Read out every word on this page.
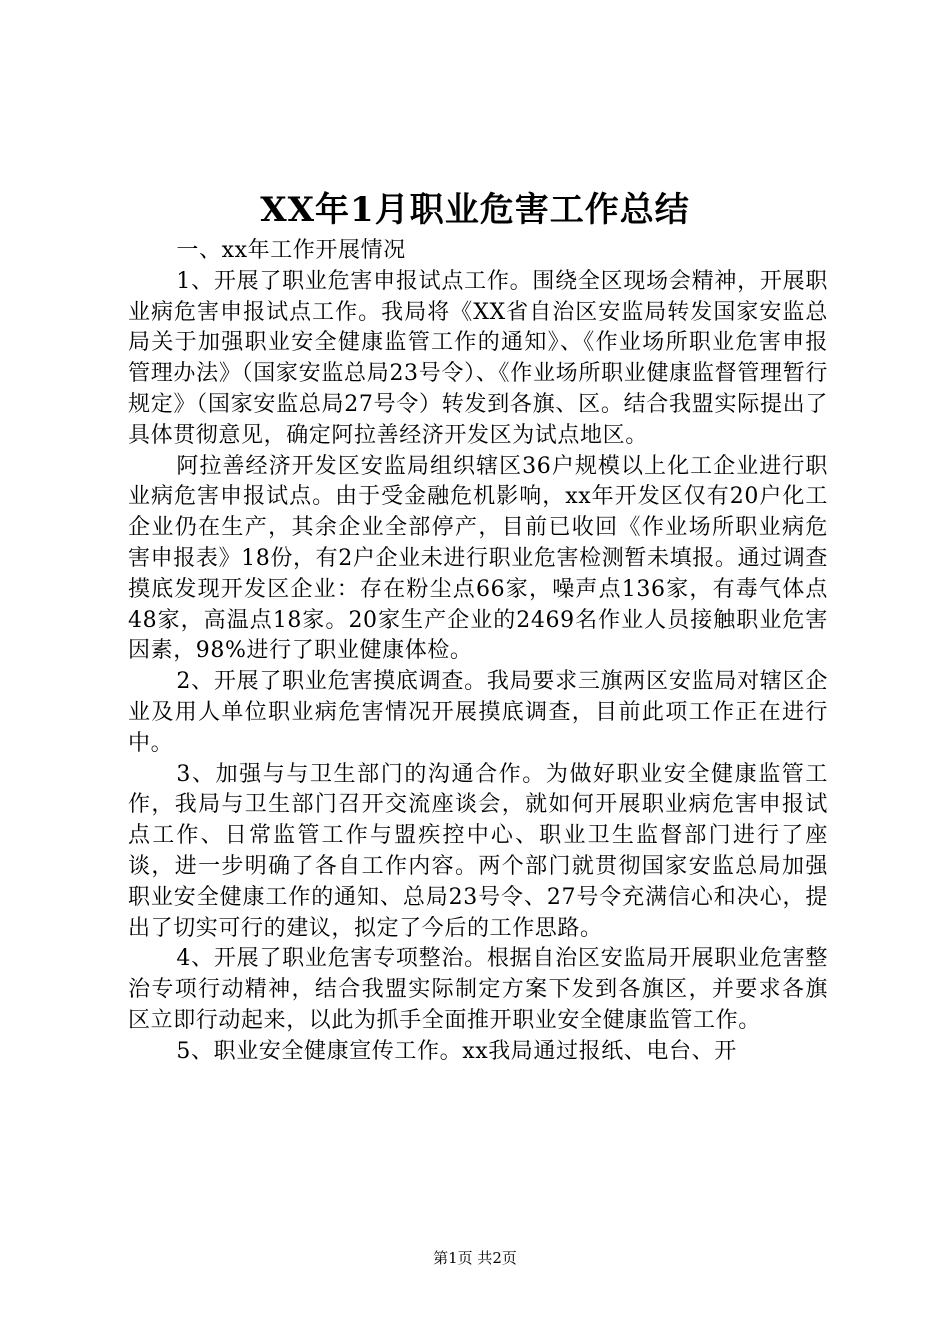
XX年1月职业危害工作总结

一、xx年工作开展情况

1、开展了职业危害申报试点工作。围绕全区现场会精神，开展职业病危害申报试点工作。我局将《XX省自治区安监局转发国家安监总局关于加强职业安全健康监管工作的通知》、《作业场所职业危害申报管理办法》（国家安监总局23号令）、《作业场所职业健康监督管理暂行规定》（国家安监总局27号令）转发到各旗、区。结合我盟实际提出了具体贯彻意见，确定阿拉善经济开发区为试点地区。

阿拉善经济开发区安监局组织辖区36户规模以上化工企业进行职业病危害申报试点。由于受金融危机影响，xx年开发区仅有20户化工企业仍在生产，其余企业全部停产，目前已收回《作业场所职业病危害申报表》18份，有2户企业未进行职业危害检测暂未填报。通过调查摸底发现开发区企业：存在粉尘点66家，噪声点136家，有毒气体点48家，高温点18家。20家生产企业的2469名作业人员接触职业危害因素，98%进行了职业健康体检。

2、开展了职业危害摸底调查。我局要求三旗两区安监局对辖区企业及用人单位职业病危害情况开展摸底调查，目前此项工作正在进行中。

3、加强与与卫生部门的沟通合作。为做好职业安全健康监管工作，我局与卫生部门召开交流座谈会，就如何开展职业病危害申报试点工作、日常监管工作与盟疾控中心、职业卫生监督部门进行了座谈，进一步明确了各自工作内容。两个部门就贯彻国家安监总局加强职业安全健康工作的通知、总局23号令、27号令充满信心和决心，提出了切实可行的建议，拟定了今后的工作思路。

4、开展了职业危害专项整治。根据自治区安监局开展职业危害整治专项行动精神，结合我盟实际制定方案下发到各旗区，并要求各旗区立即行动起来，以此为抓手全面推开职业安全健康监管工作。

5、职业安全健康宣传工作。xx我局通过报纸、电台、开

第1页 共2页
